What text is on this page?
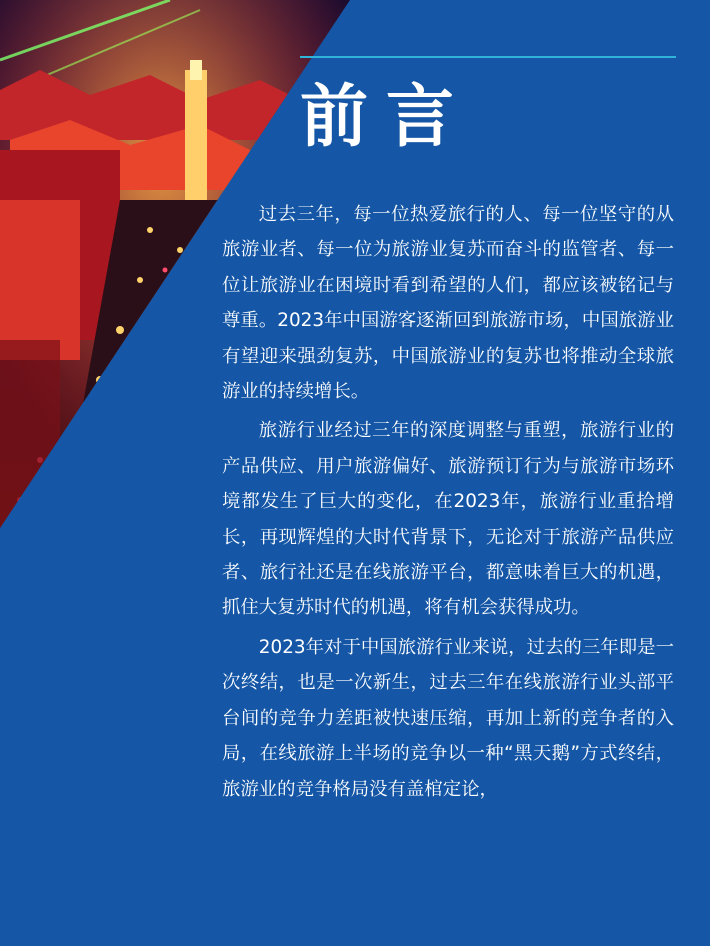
前言

过去三年，每一位热爱旅行的人、每一位坚守的从旅游业者、每一位为旅游业复苏而奋斗的监管者、每一位让旅游业在困境时看到希望的人们，都应该被铭记与尊重。2023年中国游客逐渐回到旅游市场，中国旅游业有望迎来强劲复苏，中国旅游业的复苏也将推动全球旅游业的持续增长。

旅游行业经过三年的深度调整与重塑，旅游行业的产品供应、用户旅游偏好、旅游预订行为与旅游市场环境都发生了巨大的变化，在2023年，旅游行业重拾增长，再现辉煌的大时代背景下，无论对于旅游产品供应者、旅行社还是在线旅游平台，都意味着巨大的机遇，抓住大复苏时代的机遇，将有机会获得成功。

2023年对于中国旅游行业来说，过去的三年即是一次终结，也是一次新生，过去三年在线旅游行业头部平台间的竞争力差距被快速压缩，再加上新的竞争者的入局，在线旅游上半场的竞争以一种“黑天鹅”方式终结，旅游业的竞争格局没有盖棺定论，
